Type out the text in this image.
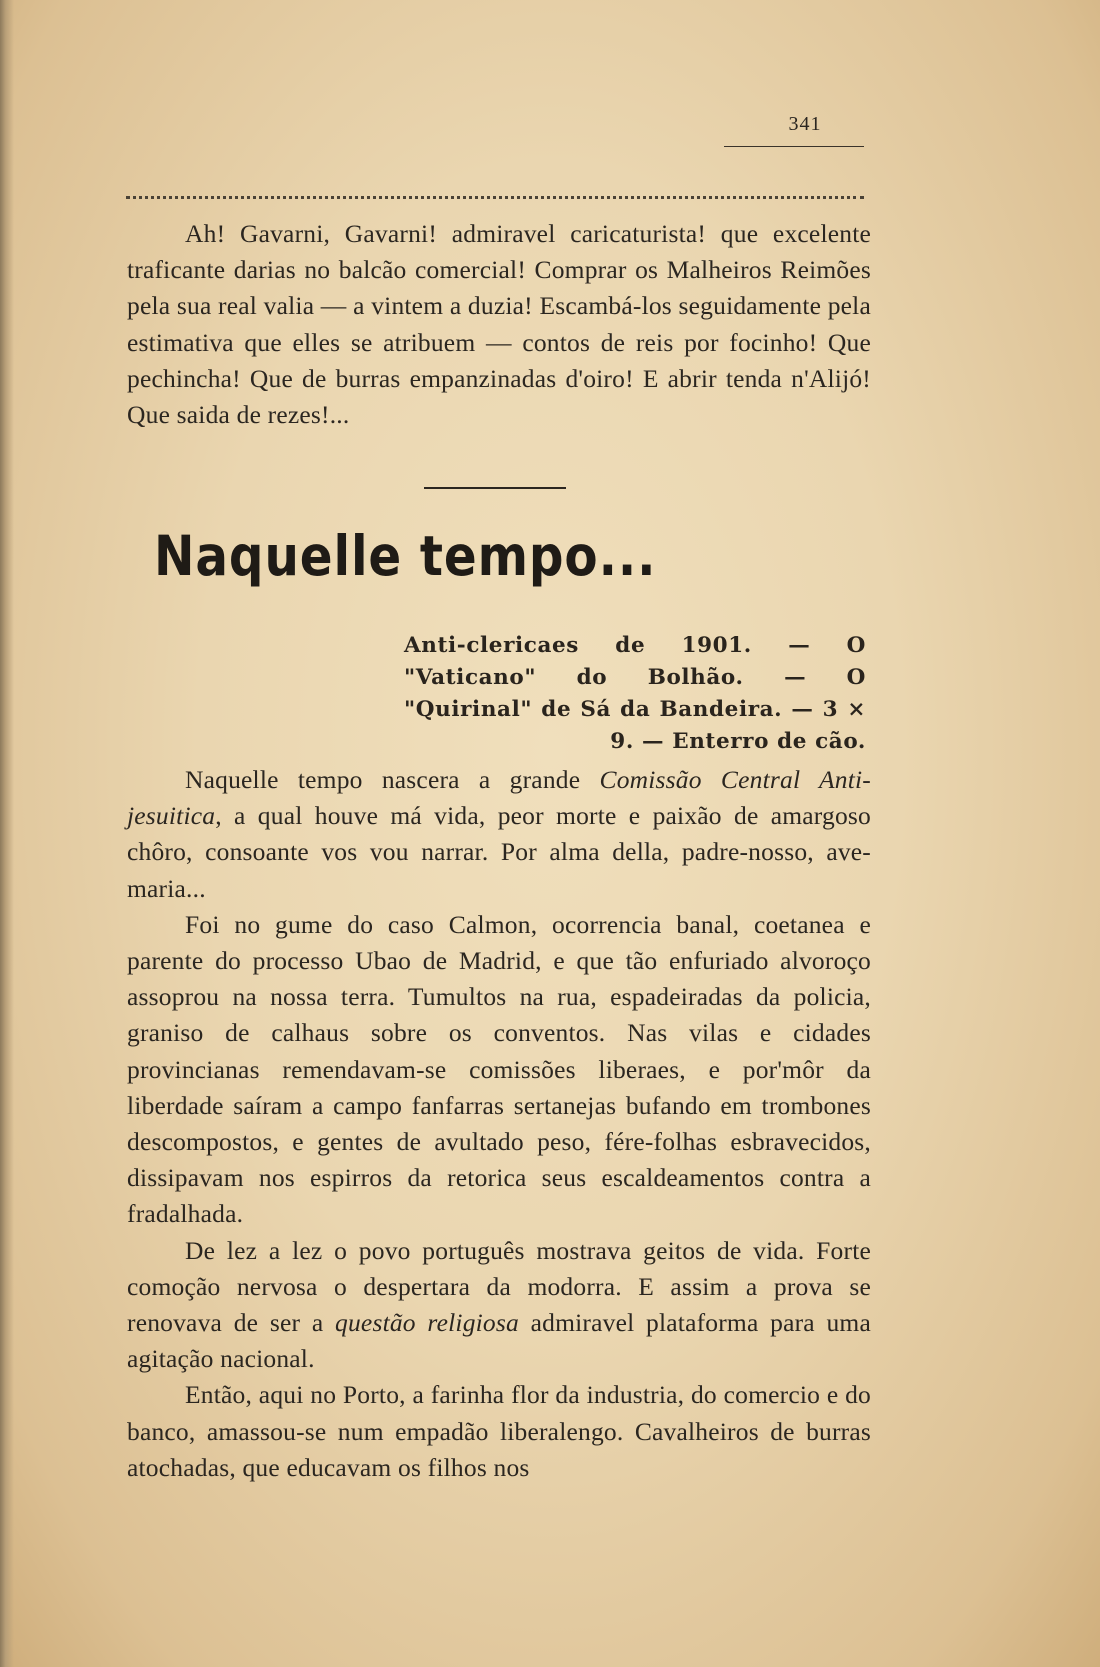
341

Ah! Gavarni, Gavarni! admiravel caricaturista! que excelente traficante darias no balcão comercial! Comprar os Malheiros Reimões pela sua real valia — a vintem a duzia! Escambá-los seguidamente pela estimativa que elles se atribuem — contos de reis por focinho! Que pechincha! Que de burras empanzinadas d'oiro! E abrir tenda n'Alijó! Que saida de rezes!...

Naquelle tempo...
Anti-clericaes de 1901. — O "Vaticano" do Bolhão. — O "Quirinal" de Sá da Bandeira. — 3 × 9. — Enterro de cão.

Naquelle tempo nascera a grande Comissão Central Anti-jesuitica, a qual houve má vida, peor morte e paixão de amargoso chôro, consoante vos vou narrar. Por alma della, padre-nosso, ave-maria...

Foi no gume do caso Calmon, ocorrencia banal, coetanea e parente do processo Ubao de Madrid, e que tão enfuriado alvoroço assoprou na nossa terra. Tumultos na rua, espadeiradas da policia, graniso de calhaus sobre os conventos. Nas vilas e cidades provincianas remendavam-se comissões liberaes, e por'môr da liberdade saíram a campo fanfarras sertanejas bufando em trombones descompostos, e gentes de avultado peso, fére-folhas esbravecidos, dissipavam nos espirros da retorica seus escaldeamentos contra a fradalhada.

De lez a lez o povo português mostrava geitos de vida. Forte comoção nervosa o despertara da modorra. E assim a prova se renovava de ser a questão religiosa admiravel plataforma para uma agitação nacional.

Então, aqui no Porto, a farinha flor da industria, do comercio e do banco, amassou-se num empadão liberalengo. Cavalheiros de burras atochadas, que educavam os filhos nos
